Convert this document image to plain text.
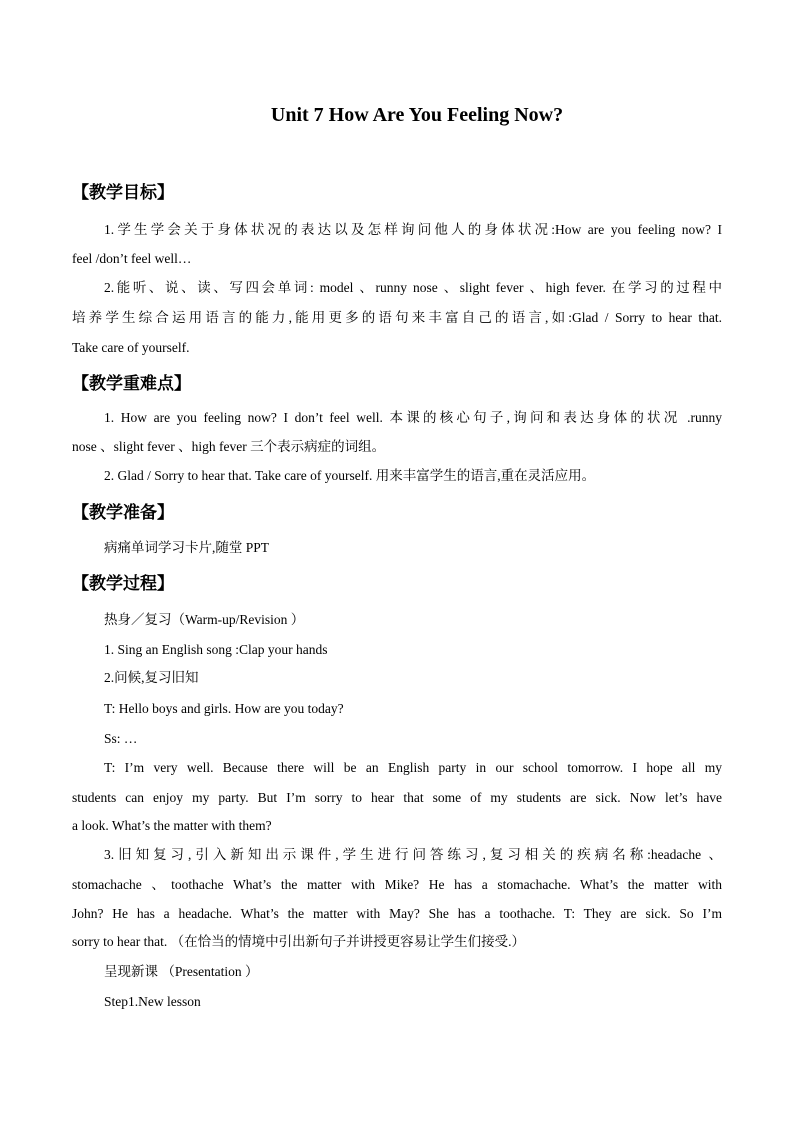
Unit 7 How Are You Feeling Now?
【教学目标】
1.学生学会关于身体状况的表达以及怎样询问他人的身体状况:How are you feeling now? I
feel /don’t feel well…
2.能听、说、读、写四会单词: model 、runny nose 、slight fever 、high fever. 在学习的过程中
培养学生综合运用语言的能力,能用更多的语句来丰富自己的语言,如:Glad / Sorry to hear that.
Take care of yourself.
【教学重难点】
1. How are you feeling now? I don’t feel well. 本课的核心句子,询问和表达身体的状况 .runny
nose 、slight fever 、high fever 三个表示病症的词组。
2. Glad / Sorry to hear that. Take care of yourself. 用来丰富学生的语言,重在灵活应用。
【教学准备】
病痛单词学习卡片,随堂 PPT
【教学过程】
热身／复习（Warm-up/Revision ）
1. Sing an English song :Clap your hands
2.问候,复习旧知
T: Hello boys and girls. How are you today?
Ss: …
T: I’m very well. Because there will be an English party in our school tomorrow. I hope all my
students can enjoy my party. But I’m sorry to hear that some of my students are sick. Now let’s have
a look. What’s the matter with them?
3.旧知复习,引入新知出示课件,学生进行问答练习,复习相关的疾病名称:headache 、
stomachache 、toothache What’s the matter with Mike? He has a stomachache. What’s the matter with
John? He has a headache. What’s the matter with May? She has a toothache. T: They are sick. So I’m
sorry to hear that. （在恰当的情境中引出新句子并讲授更容易让学生们接受.）
呈现新课 （Presentation ）
Step1.New lesson
